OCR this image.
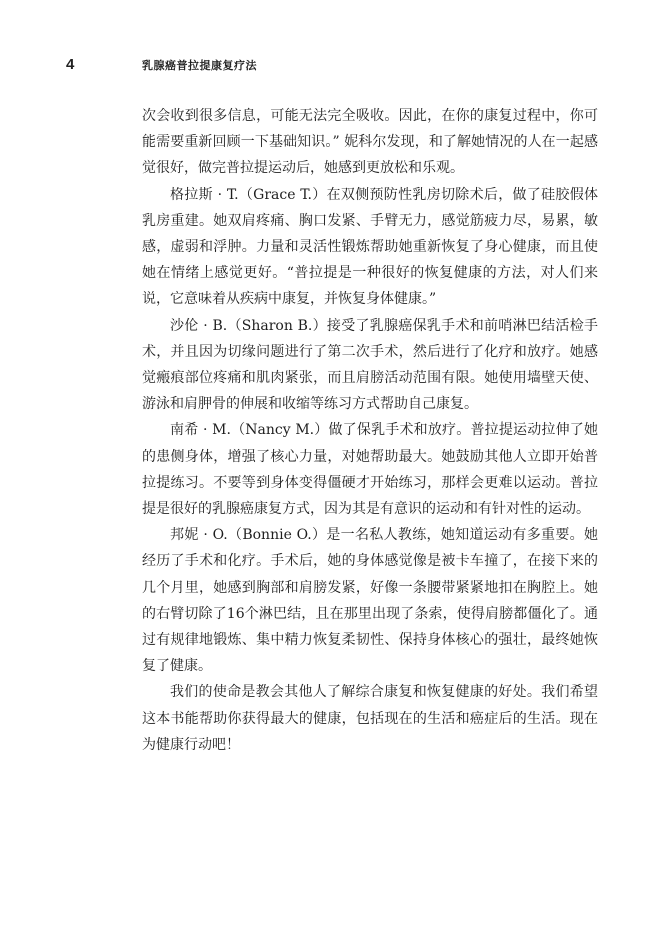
4	乳腺癌普拉提康复疗法

次会收到很多信息，可能无法完全吸收。因此，在你的康复过程中，你可能需要重新回顾一下基础知识。” 妮科尔发现，和了解她情况的人在一起感觉很好，做完普拉提运动后，她感到更放松和乐观。

格拉斯 · T.（Grace T.）在双侧预防性乳房切除术后，做了硅胶假体乳房重建。她双肩疼痛、胸口发紧、手臂无力，感觉筋疲力尽，易累，敏感，虚弱和浮肿。力量和灵活性锻炼帮助她重新恢复了身心健康，而且使她在情绪上感觉更好。“普拉提是一种很好的恢复健康的方法，对人们来说，它意味着从疾病中康复，并恢复身体健康。”

沙伦 · B.（Sharon B.）接受了乳腺癌保乳手术和前哨淋巴结活检手术，并且因为切缘问题进行了第二次手术，然后进行了化疗和放疗。她感觉瘢痕部位疼痛和肌肉紧张，而且肩膀活动范围有限。她使用墙壁天使、游泳和肩胛骨的伸展和收缩等练习方式帮助自己康复。

南希 · M.（Nancy M.）做了保乳手术和放疗。普拉提运动拉伸了她的患侧身体，增强了核心力量，对她帮助最大。她鼓励其他人立即开始普拉提练习。不要等到身体变得僵硬才开始练习，那样会更难以运动。普拉提是很好的乳腺癌康复方式，因为其是有意识的运动和有针对性的运动。

邦妮 · O.（Bonnie O.）是一名私人教练，她知道运动有多重要。她经历了手术和化疗。手术后，她的身体感觉像是被卡车撞了，在接下来的几个月里，她感到胸部和肩膀发紧，好像一条腰带紧紧地扣在胸腔上。她的右臂切除了16个淋巴结，且在那里出现了条索，使得肩膀都僵化了。通过有规律地锻炼、集中精力恢复柔韧性、保持身体核心的强壮，最终她恢复了健康。

我们的使命是教会其他人了解综合康复和恢复健康的好处。我们希望这本书能帮助你获得最大的健康，包括现在的生活和癌症后的生活。现在为健康行动吧！
